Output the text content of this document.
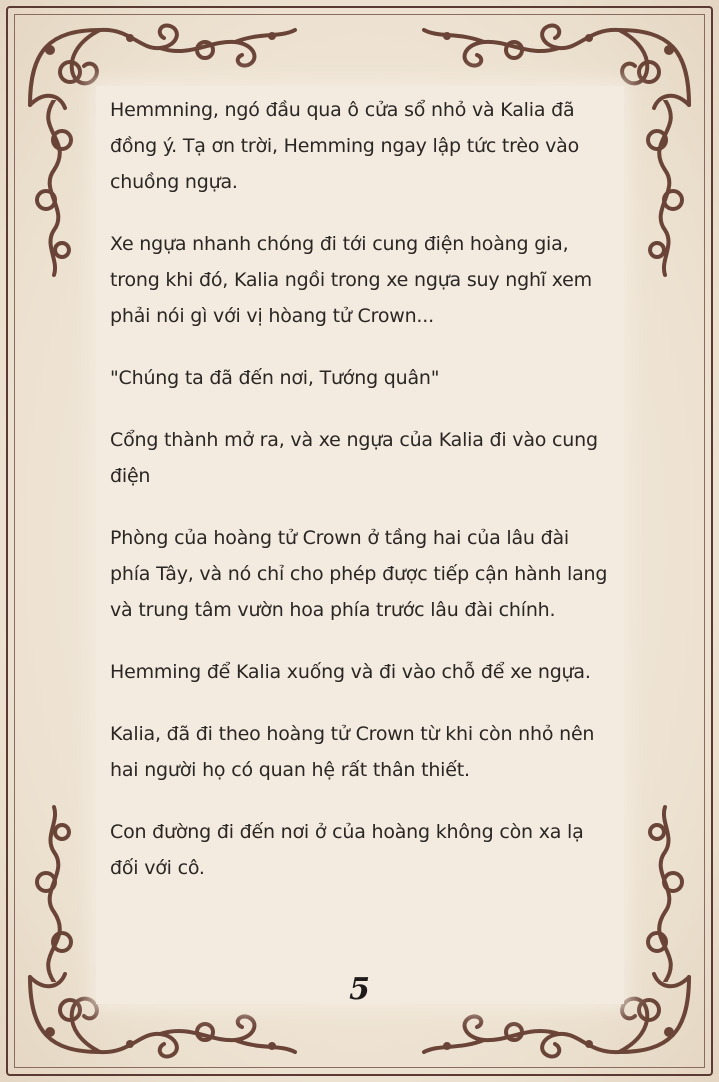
Hemmning, ngó đầu qua ô cửa sổ nhỏ và Kalia đã đồng ý. Tạ ơn trời, Hemming ngay lập tức trèo vào chuồng ngựa.

Xe ngựa nhanh chóng đi tới cung điện hoàng gia, trong khi đó, Kalia ngồi trong xe ngựa suy nghĩ xem phải nói gì với vị hòang tử Crown...

"Chúng ta đã đến nơi, Tướng quân"

Cổng thành mở ra, và xe ngựa của Kalia đi vào cung điện

Phòng của hoàng tử Crown ở tầng hai của lâu đài phía Tây, và nó chỉ cho phép được tiếp cận hành lang và trung tâm vườn hoa phía trước lâu đài chính.

Hemming để Kalia xuống và đi vào chỗ để xe ngựa.

Kalia, đã đi theo hoàng tử Crown từ khi còn nhỏ nên hai người họ có quan hệ rất thân thiết.

Con đường đi đến nơi ở của hoàng không còn xa lạ đối với cô.

5
